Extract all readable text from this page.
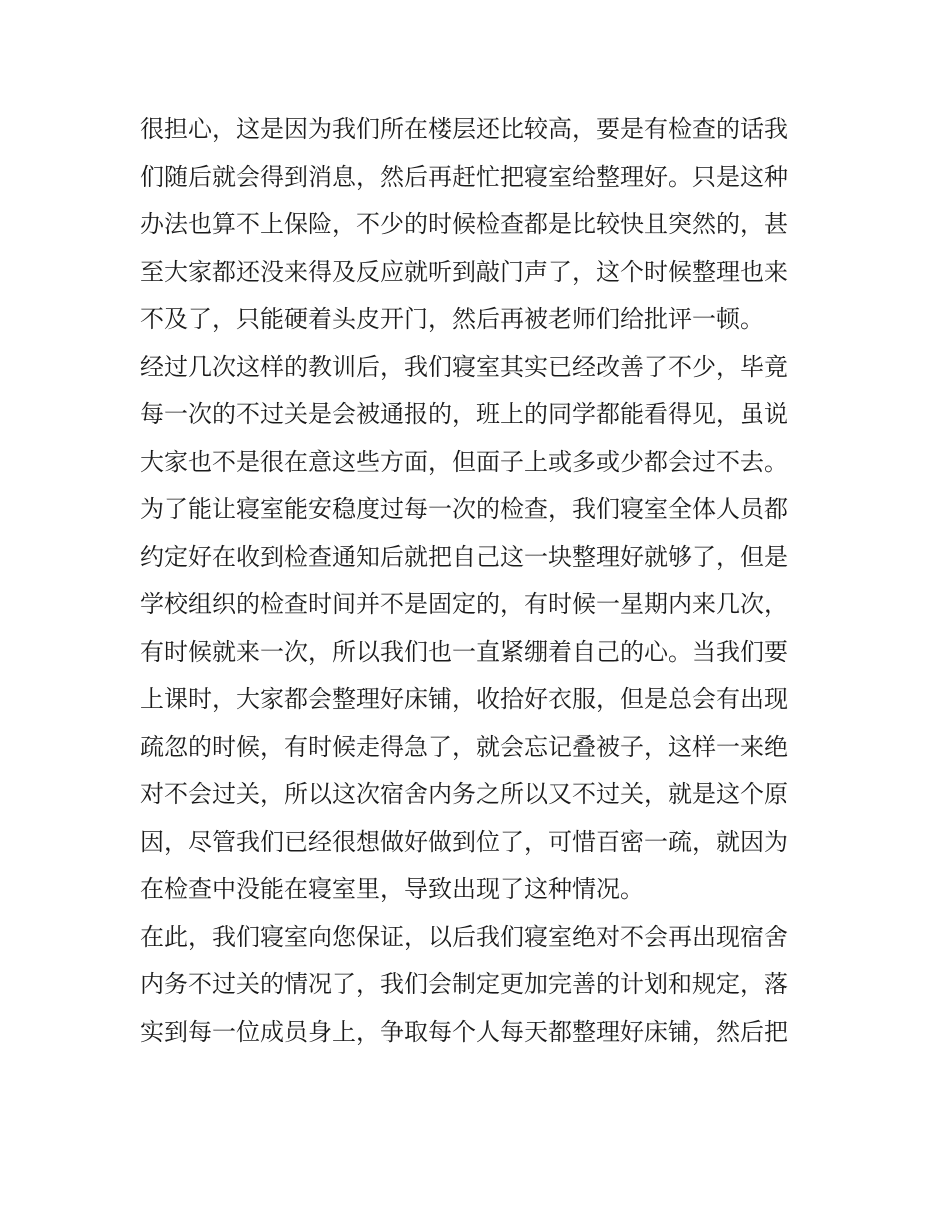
很担心，这是因为我们所在楼层还比较高，要是有检查的话我
们随后就会得到消息，然后再赶忙把寝室给整理好。只是这种
办法也算不上保险，不少的时候检查都是比较快且突然的，甚
至大家都还没来得及反应就听到敲门声了，这个时候整理也来
不及了，只能硬着头皮开门，然后再被老师们给批评一顿。
经过几次这样的教训后，我们寝室其实已经改善了不少，毕竟
每一次的不过关是会被通报的，班上的同学都能看得见，虽说
大家也不是很在意这些方面，但面子上或多或少都会过不去。
为了能让寝室能安稳度过每一次的检查，我们寝室全体人员都
约定好在收到检查通知后就把自己这一块整理好就够了，但是
学校组织的检查时间并不是固定的，有时候一星期内来几次，
有时候就来一次，所以我们也一直紧绷着自己的心。当我们要
上课时，大家都会整理好床铺，收拾好衣服，但是总会有出现
疏忽的时候，有时候走得急了，就会忘记叠被子，这样一来绝
对不会过关，所以这次宿舍内务之所以又不过关，就是这个原
因，尽管我们已经很想做好做到位了，可惜百密一疏，就因为
在检查中没能在寝室里，导致出现了这种情况。
在此，我们寝室向您保证，以后我们寝室绝对不会再出现宿舍
内务不过关的情况了，我们会制定更加完善的计划和规定，落
实到每一位成员身上，争取每个人每天都整理好床铺，然后把
